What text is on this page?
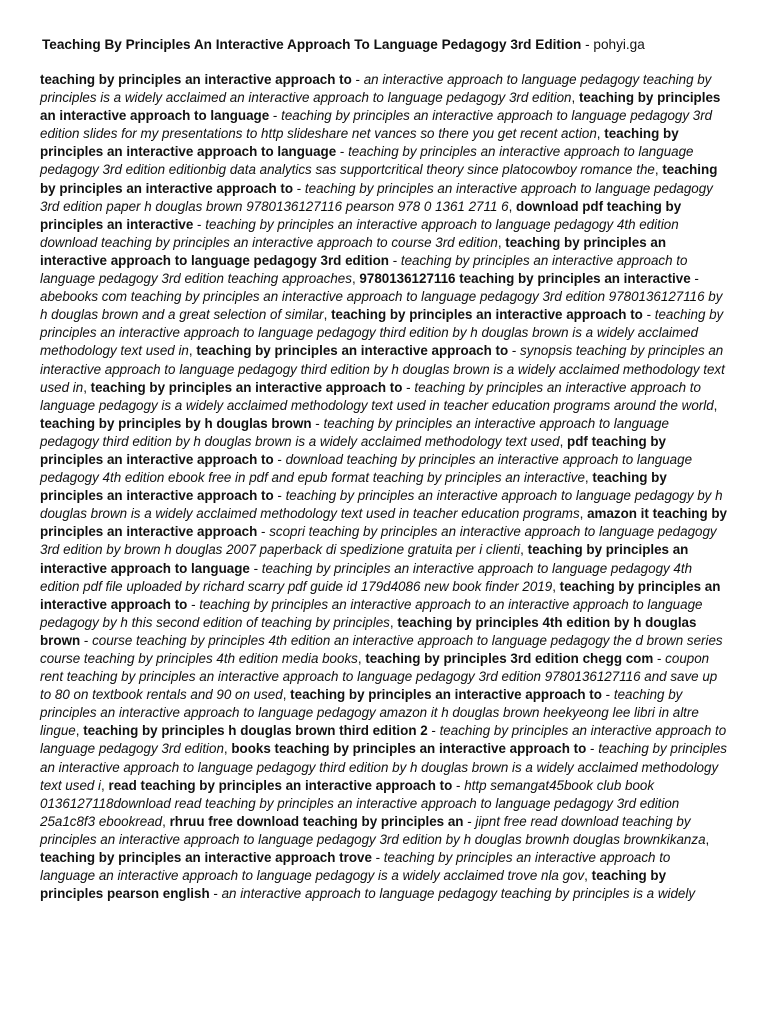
Teaching By Principles An Interactive Approach To Language Pedagogy 3rd Edition - pohyi.ga
teaching by principles an interactive approach to - an interactive approach to language pedagogy teaching by principles is a widely acclaimed an interactive approach to language pedagogy 3rd edition, teaching by principles an interactive approach to language - teaching by principles an interactive approach to language pedagogy 3rd edition slides for my presentations to http slideshare net vances so there you get recent action, teaching by principles an interactive approach to language - teaching by principles an interactive approach to language pedagogy 3rd edition editionbig data analytics sas supportcritical theory since platocowboy romance the, teaching by principles an interactive approach to - teaching by principles an interactive approach to language pedagogy 3rd edition paper h douglas brown 9780136127116 pearson 978 0 1361 2711 6, download pdf teaching by principles an interactive - teaching by principles an interactive approach to language pedagogy 4th edition download teaching by principles an interactive approach to course 3rd edition, teaching by principles an interactive approach to language pedagogy 3rd edition - teaching by principles an interactive approach to language pedagogy 3rd edition teaching approaches, 9780136127116 teaching by principles an interactive - abebooks com teaching by principles an interactive approach to language pedagogy 3rd edition 9780136127116 by h douglas brown and a great selection of similar, teaching by principles an interactive approach to - teaching by principles an interactive approach to language pedagogy third edition by h douglas brown is a widely acclaimed methodology text used in, teaching by principles an interactive approach to - synopsis teaching by principles an interactive approach to language pedagogy third edition by h douglas brown is a widely acclaimed methodology text used in, teaching by principles an interactive approach to - teaching by principles an interactive approach to language pedagogy is a widely acclaimed methodology text used in teacher education programs around the world, teaching by principles by h douglas brown - teaching by principles an interactive approach to language pedagogy third edition by h douglas brown is a widely acclaimed methodology text used, pdf teaching by principles an interactive approach to - download teaching by principles an interactive approach to language pedagogy 4th edition ebook free in pdf and epub format teaching by principles an interactive, teaching by principles an interactive approach to - teaching by principles an interactive approach to language pedagogy by h douglas brown is a widely acclaimed methodology text used in teacher education programs, amazon it teaching by principles an interactive approach - scopri teaching by principles an interactive approach to language pedagogy 3rd edition by brown h douglas 2007 paperback di spedizione gratuita per i clienti, teaching by principles an interactive approach to language - teaching by principles an interactive approach to language pedagogy 4th edition pdf file uploaded by richard scarry pdf guide id 179d4086 new book finder 2019, teaching by principles an interactive approach to - teaching by principles an interactive approach to an interactive approach to language pedagogy by h this second edition of teaching by principles, teaching by principles 4th edition by h douglas brown - course teaching by principles 4th edition an interactive approach to language pedagogy the d brown series course teaching by principles 4th edition media books, teaching by principles 3rd edition chegg com - coupon rent teaching by principles an interactive approach to language pedagogy 3rd edition 9780136127116 and save up to 80 on textbook rentals and 90 on used, teaching by principles an interactive approach to - teaching by principles an interactive approach to language pedagogy amazon it h douglas brown heekyeong lee libri in altre lingue, teaching by principles h douglas brown third edition 2 - teaching by principles an interactive approach to language pedagogy 3rd edition, books teaching by principles an interactive approach to - teaching by principles an interactive approach to language pedagogy third edition by h douglas brown is a widely acclaimed methodology text used i, read teaching by principles an interactive approach to - http semangat45book club book 0136127118download read teaching by principles an interactive approach to language pedagogy 3rd edition 25a1c8f3 ebookread, rhruu free download teaching by principles an - jipnt free read download teaching by principles an interactive approach to language pedagogy 3rd edition by h douglas brownh douglas brownkikanza, teaching by principles an interactive approach trove - teaching by principles an interactive approach to language an interactive approach to language pedagogy is a widely acclaimed trove nla gov, teaching by principles pearson english - an interactive approach to language pedagogy teaching by principles is a widely
